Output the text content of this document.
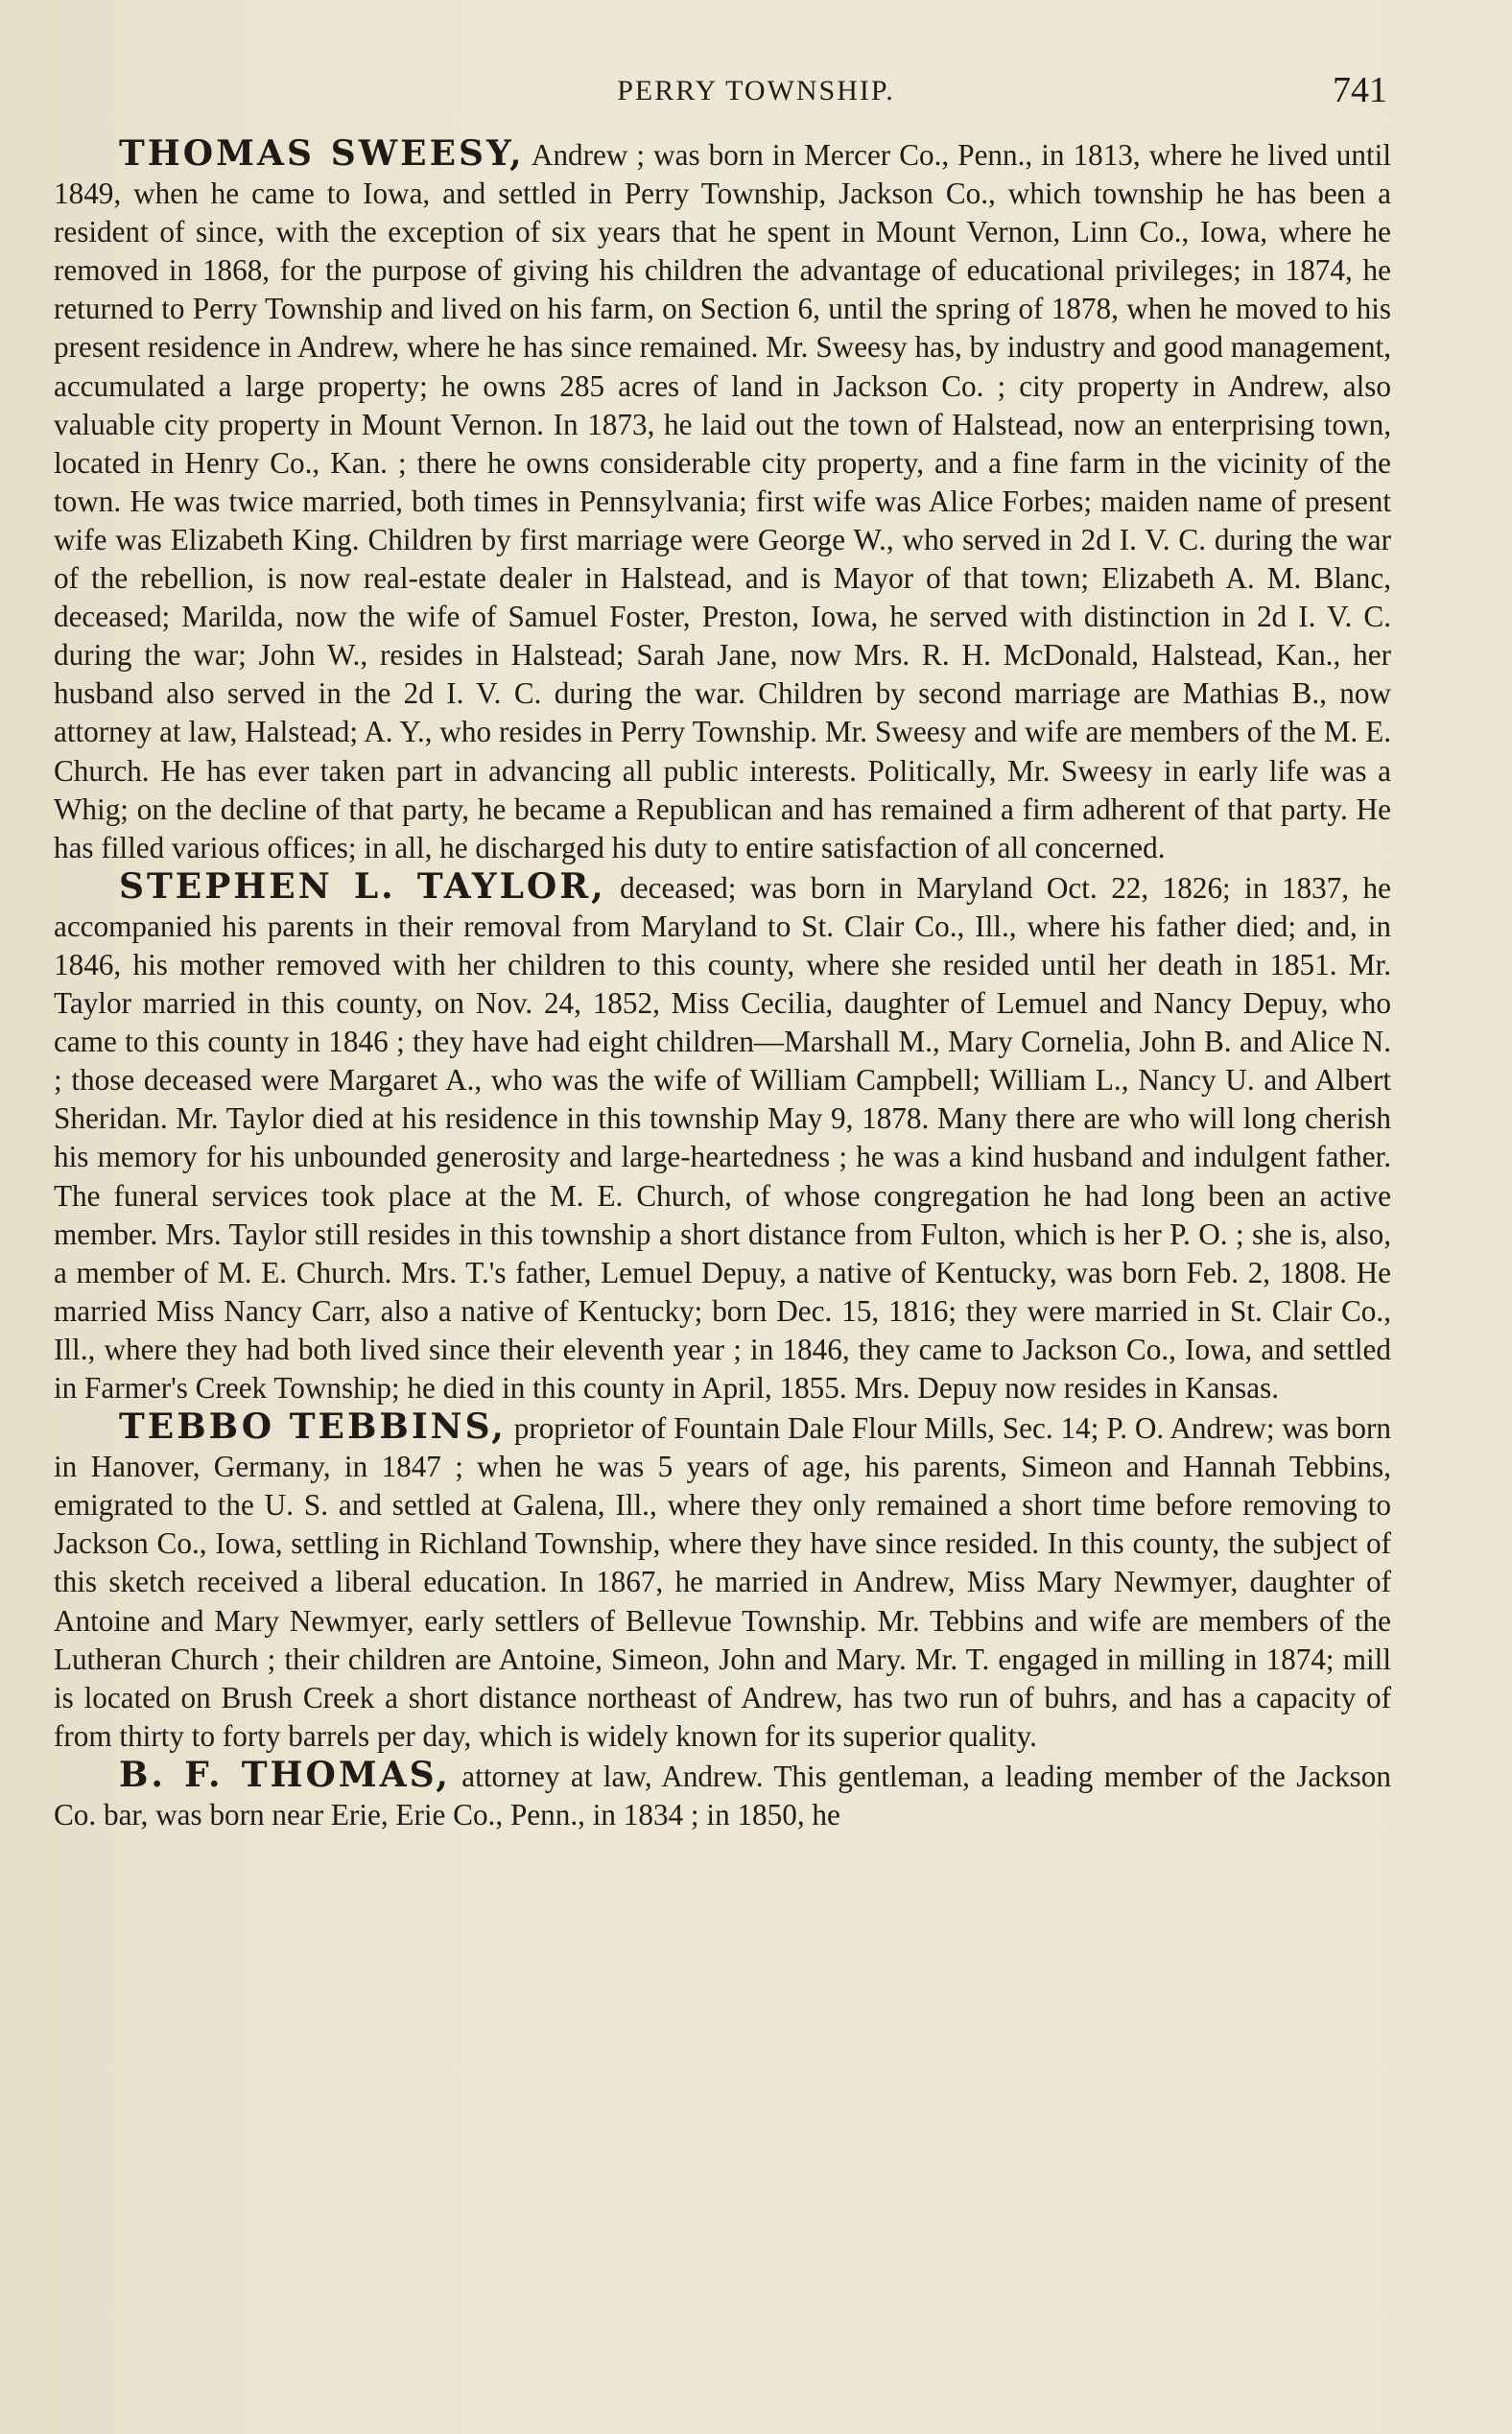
PERRY TOWNSHIP.	741

THOMAS SWEESY, Andrew ; was born in Mercer Co., Penn., in 1813, where he lived until 1849, when he came to Iowa, and settled in Perry Township, Jackson Co., which township he has been a resident of since, with the exception of six years that he spent in Mount Vernon, Linn Co., Iowa, where he removed in 1868, for the purpose of giving his children the advantage of educational privileges; in 1874, he returned to Perry Township and lived on his farm, on Section 6, until the spring of 1878, when he moved to his present residence in Andrew, where he has since remained. Mr. Sweesy has, by industry and good management, accumulated a large property; he owns 285 acres of land in Jackson Co. ; city property in Andrew, also valuable city property in Mount Vernon. In 1873, he laid out the town of Halstead, now an enterprising town, located in Henry Co., Kan. ; there he owns considerable city property, and a fine farm in the vicinity of the town. He was twice married, both times in Pennsylvania; first wife was Alice Forbes; maiden name of present wife was Elizabeth King. Children by first marriage were George W., who served in 2d I. V. C. during the war of the rebellion, is now real-estate dealer in Halstead, and is Mayor of that town; Elizabeth A. M. Blanc, deceased; Marilda, now the wife of Samuel Foster, Preston, Iowa, he served with distinction in 2d I. V. C. during the war; John W., resides in Halstead; Sarah Jane, now Mrs. R. H. McDonald, Halstead, Kan., her husband also served in the 2d I. V. C. during the war. Children by second marriage are Mathias B., now attorney at law, Halstead; A. Y., who resides in Perry Township. Mr. Sweesy and wife are members of the M. E. Church. He has ever taken part in advancing all public interests. Politically, Mr. Sweesy in early life was a Whig; on the decline of that party, he became a Republican and has remained a firm adherent of that party. He has filled various offices; in all, he discharged his duty to entire satisfaction of all concerned.

STEPHEN L. TAYLOR, deceased; was born in Maryland Oct. 22, 1826; in 1837, he accompanied his parents in their removal from Maryland to St. Clair Co., Ill., where his father died; and, in 1846, his mother removed with her children to this county, where she resided until her death in 1851. Mr. Taylor married in this county, on Nov. 24, 1852, Miss Cecilia, daughter of Lemuel and Nancy Depuy, who came to this county in 1846 ; they have had eight children—Marshall M., Mary Cornelia, John B. and Alice N. ; those deceased were Margaret A., who was the wife of William Campbell; William L., Nancy U. and Albert Sheridan. Mr. Taylor died at his residence in this township May 9, 1878. Many there are who will long cherish his memory for his unbounded generosity and large-heartedness ; he was a kind husband and indulgent father. The funeral services took place at the M. E. Church, of whose congregation he had long been an active member. Mrs. Taylor still resides in this township a short distance from Fulton, which is her P. O. ; she is, also, a member of M. E. Church. Mrs. T.'s father, Lemuel Depuy, a native of Kentucky, was born Feb. 2, 1808. He married Miss Nancy Carr, also a native of Kentucky; born Dec. 15, 1816; they were married in St. Clair Co., Ill., where they had both lived since their eleventh year ; in 1846, they came to Jackson Co., Iowa, and settled in Farmer's Creek Township; he died in this county in April, 1855. Mrs. Depuy now resides in Kansas.

TEBBO TEBBINS, proprietor of Fountain Dale Flour Mills, Sec. 14; P. O. Andrew; was born in Hanover, Germany, in 1847 ; when he was 5 years of age, his parents, Simeon and Hannah Tebbins, emigrated to the U. S. and settled at Galena, Ill., where they only remained a short time before removing to Jackson Co., Iowa, settling in Richland Township, where they have since resided. In this county, the subject of this sketch received a liberal education. In 1867, he married in Andrew, Miss Mary Newmyer, daughter of Antoine and Mary Newmyer, early settlers of Bellevue Township. Mr. Tebbins and wife are members of the Lutheran Church ; their children are Antoine, Simeon, John and Mary. Mr. T. engaged in milling in 1874; mill is located on Brush Creek a short distance northeast of Andrew, has two run of buhrs, and has a capacity of from thirty to forty barrels per day, which is widely known for its superior quality.

B. F. THOMAS, attorney at law, Andrew. This gentleman, a leading member of the Jackson Co. bar, was born near Erie, Erie Co., Penn., in 1834 ; in 1850, he
